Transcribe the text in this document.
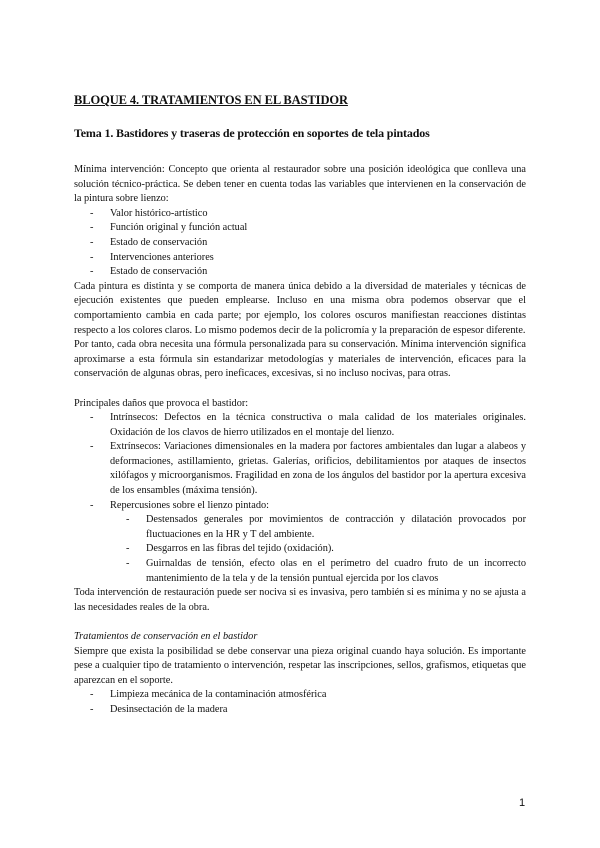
BLOQUE 4. TRATAMIENTOS EN EL BASTIDOR
Tema 1. Bastidores y traseras de protección en soportes de tela pintados

Mínima intervención: Concepto que orienta al restaurador sobre una posición ideológica que conlleva una solución técnico-práctica. Se deben tener en cuenta todas las variables que intervienen en la conservación de la pintura sobre lienzo:

- Valor histórico-artístico
- Función original y función actual
- Estado de conservación
- Intervenciones anteriores
- Estado de conservación

Cada pintura es distinta y se comporta de manera única debido a la diversidad de materiales y técnicas de ejecución existentes que pueden emplearse. Incluso en una misma obra podemos observar que el comportamiento cambia en cada parte; por ejemplo, los colores oscuros manifiestan reacciones distintas respecto a los colores claros. Lo mismo podemos decir de la policromía y la preparación de espesor diferente.

Por tanto, cada obra necesita una fórmula personalizada para su conservación. Mínima intervención significa aproximarse a esta fórmula sin estandarizar metodologías y materiales de intervención, eficaces para la conservación de algunas obras, pero ineficaces, excesivas, si no incluso nocivas, para otras.

Principales daños que provoca el bastidor:

- Intrínsecos: Defectos en la técnica constructiva o mala calidad de los materiales originales. Oxidación de los clavos de hierro utilizados en el montaje del lienzo.
- Extrínsecos: Variaciones dimensionales en la madera por factores ambientales dan lugar a alabeos y deformaciones, astillamiento, grietas. Galerías, orificios, debilitamientos por ataques de insectos xilófagos y microorganismos. Fragilidad en zona de los ángulos del bastidor por la apertura excesiva de los ensambles (máxima tensión).
- Repercusiones sobre el lienzo pintado:
- Destensados generales por movimientos de contracción y dilatación provocados por fluctuaciones en la HR y T del ambiente.
- Desgarros en las fibras del tejido (oxidación).
- Guirnaldas de tensión, efecto olas en el perímetro del cuadro fruto de un incorrecto mantenimiento de la tela y de la tensión puntual ejercida por los clavos

Toda intervención de restauración puede ser nociva si es invasiva, pero también si es mínima y no se ajusta a las necesidades reales de la obra.

Tratamientos de conservación en el bastidor

Siempre que exista la posibilidad se debe conservar una pieza original cuando haya solución. Es importante pese a cualquier tipo de tratamiento o intervención, respetar las inscripciones, sellos, grafismos, etiquetas que aparezcan en el soporte.

- Limpieza mecánica de la contaminación atmosférica
- Desinsectación de la madera
1
